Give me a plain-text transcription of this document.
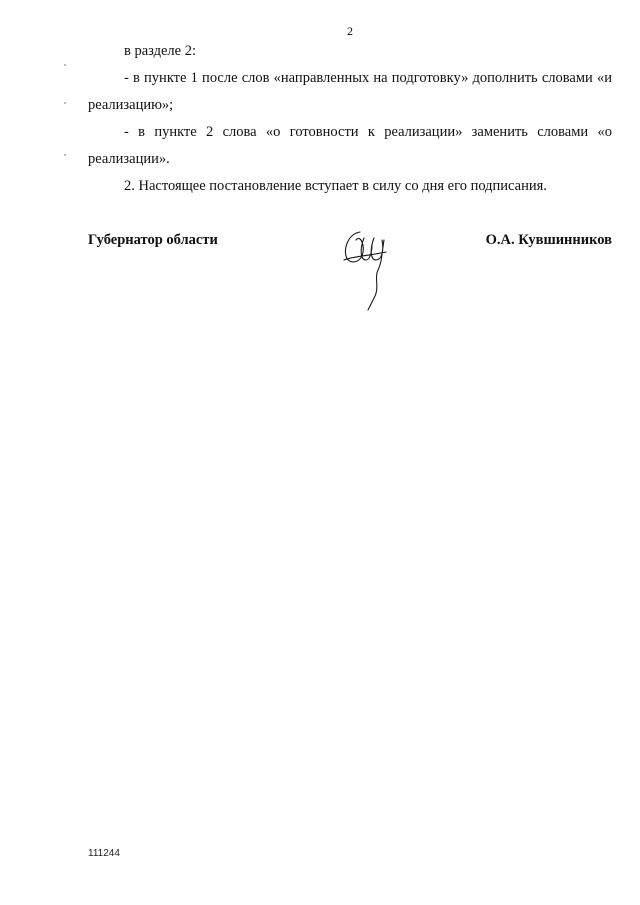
2

в разделе 2:

- в пункте 1 после слов «направленных на подготовку» дополнить словами «и реализацию»;

- в пункте 2 слова «о готовности к реализации» заменить словами «о реализации».

2. Настоящее постановление вступает в силу со дня его подписания.

Губернатор области	О.А. Кувшинников
111244
